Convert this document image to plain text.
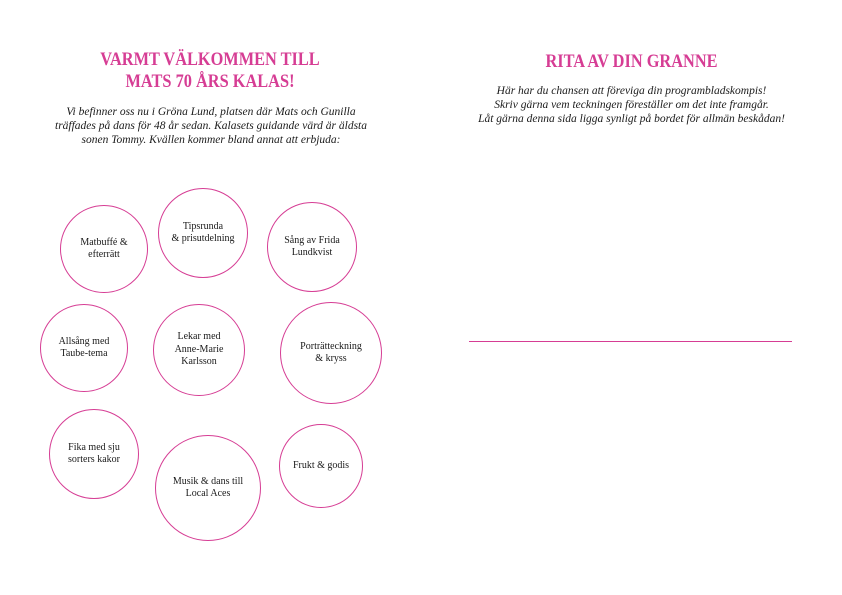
VARMT VÄLKOMMEN TILL
MATS 70 ÅRS KALAS!
Vi befinner oss nu i Gröna Lund, platsen där Mats och Gunilla träffades på dans för 48 år sedan. Kalasets guidande värd är äldsta sonen Tommy. Kvällen kommer bland annat att erbjuda:
Matbuffé &
efterrätt
Tipsrunda
& prisutdelning	Sång av Frida
Lundkvist
Allsång med
Taube-tema
Lekar med
Anne-Marie
Karlsson
Porträtteckning
& kryss
Fika med sju
sorters kakor
Musik & dans till
Local Aces
Frukt & godis
RITA AV DIN GRANNE
Här har du chansen att föreviga din programbladskompis!
Skriv gärna vem teckningen föreställer om det inte framgår.
Låt gärna denna sida ligga synligt på bordet för allmän beskådan!
